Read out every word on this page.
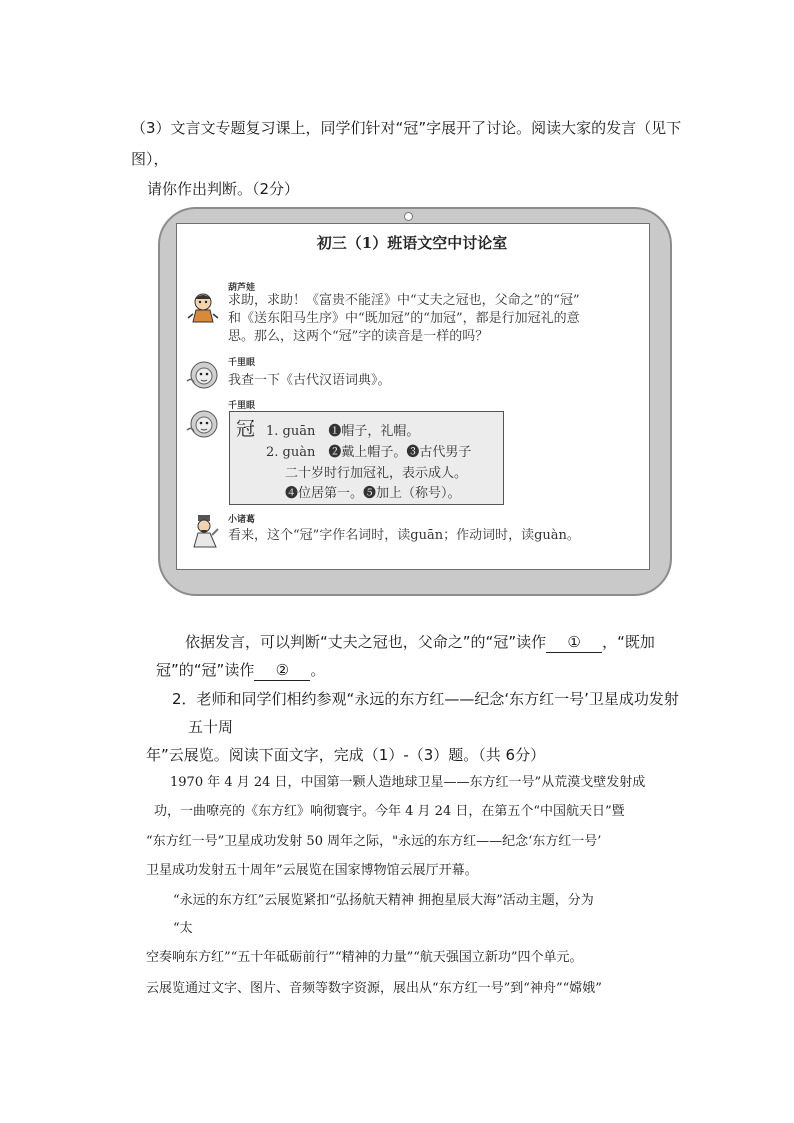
（3）文言文专题复习课上，同学们针对“冠”字展开了讨论。阅读大家的发言（见下
图），
请你作出判断。（2分）
初三（1）班语文空中讨论室
葫芦娃
求助，求助！《富贵不能淫》中“丈夫之冠也，父命之”的“冠”
和《送东阳马生序》中“既加冠”的“加冠”，都是行加冠礼的意
思。那么，这两个“冠”字的读音是一样的吗？
千里眼
我查一下《古代汉语词典》。
千里眼
冠 1. guān　❶帽子，礼帽。
2. guàn　❷戴上帽子。❸古代男子
二十岁时行加冠礼，表示成人。
❹位居第一。❺加上（称号）。
小诸葛
看来，这个“冠”字作名词时，读guān；作动词时，读guàn。
依据发言，可以判断“丈夫之冠也，父命之”的“冠”读作 ① ，“既加
冠”的“冠”读作 ② 。
2．老师和同学们相约参观“永远的东方红——纪念‘东方红一号’卫星成功发射
五十周
年”云展览。阅读下面文字，完成（1）-（3）题。（共 6分）
1970 年 4 月 24 日，中国第一颗人造地球卫星——东方红一号”从荒漠戈壁发射成
功，一曲嘹亮的《东方红》响彻寰宇。今年 4 月 24 日，在第五个“中国航天日”暨
“东方红一号”卫星成功发射 50 周年之际，"永远的东方红——纪念‘东方红一号’
卫星成功发射五十周年”云展览在国家博物馆云展厅开幕。
“永远的东方红”云展览紧扣“弘扬航天精神 拥抱星辰大海”活动主题，分为
“太
空奏响东方红”“五十年砥砺前行”“精神的力量”“航天强国立新功”四个单元。
云展览通过文字、图片、音频等数字资源，展出从“东方红一号”到“神舟”“嫦娥”
